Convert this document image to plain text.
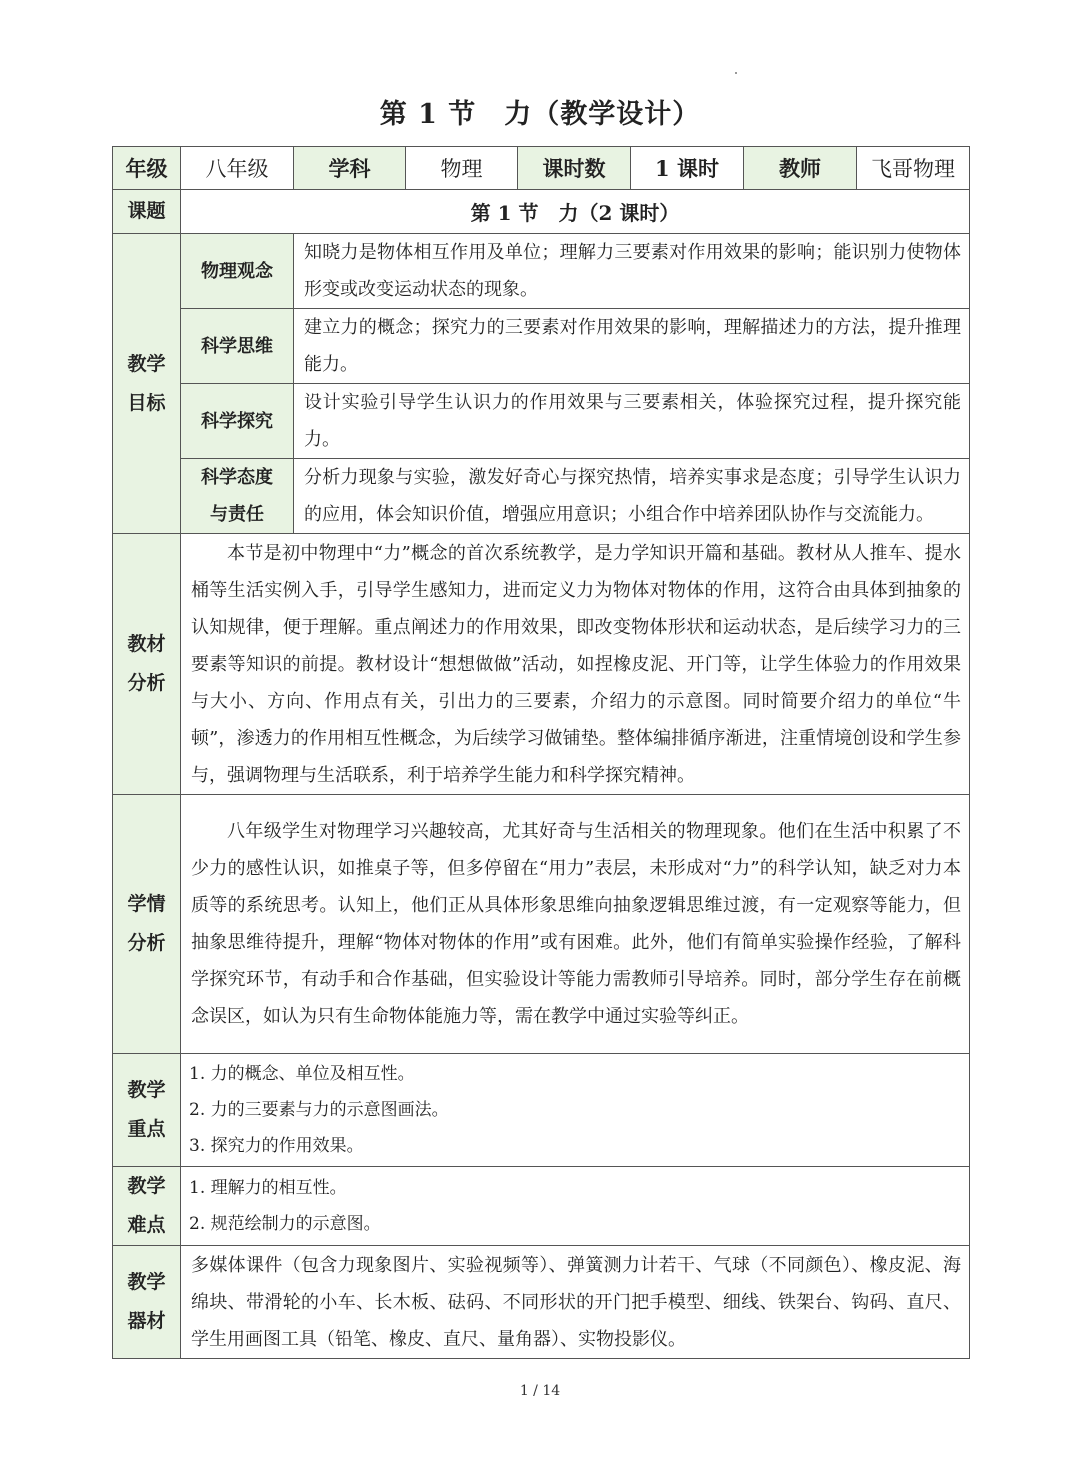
第 1 节　力（教学设计）
年级	八年级	学科	物理	课时数	1 课时	教师	飞哥物理
课题	第 1 节　力（2 课时）						

教学目标	物理观念	知晓力是物体相互作用及单位；理解力三要素对作用效果的影响；能识别力使物体形变或改变运动状态的现象。					
	科学思维	建立力的概念；探究力的三要素对作用效果的影响，理解描述力的方法，提升推理能力。					
	科学探究	设计实验引导学生认识力的作用效果与三要素相关，体验探究过程，提升探究能力。					

	科学态度与责任	分析力现象与实验，激发好奇心与探究热情，培养实事求是态度；引导学生认识力的应用，体会知识价值，增强应用意识；小组合作中培养团队协作与交流能力。					

教材分析	本节是初中物理中“力”概念的首次系统教学，是力学知识开篇和基础。教材从人推车、提水桶等生活实例入手，引导学生感知力，进而定义力为物体对物体的作用，这符合由具体到抽象的认知规律，便于理解。重点阐述力的作用效果，即改变物体形状和运动状态，是后续学习力的三要素等知识的前提。教材设计“想想做做”活动，如捏橡皮泥、开门等，让学生体验力的作用效果与大小、方向、作用点有关，引出力的三要素，介绍力的示意图。同时简要介绍力的单位“牛顿”，渗透力的作用相互性概念，为后续学习做铺垫。整体编排循序渐进，注重情境创设和学生参与，强调物理与生活联系，利于培养学生能力和科学探究精神。						

学情分析	八年级学生对物理学习兴趣较高，尤其好奇与生活相关的物理现象。他们在生活中积累了不少力的感性认识，如推桌子等，但多停留在“用力”表层，未形成对“力”的科学认知，缺乏对力本质等的系统思考。认知上，他们正从具体形象思维向抽象逻辑思维过渡，有一定观察等能力，但抽象思维待提升，理解“物体对物体的作用”或有困难。此外，他们有简单实验操作经验，了解科学探究环节，有动手和合作基础，但实验设计等能力需教师引导培养。同时，部分学生存在前概念误区，如认为只有生命物体能施力等，需在教学中通过实验等纠正。						

教学重点	1. 力的概念、单位及相互性。
2. 力的三要素与力的示意图画法。
3. 探究力的作用效果。						

教学难点	1. 理解力的相互性。
2. 规范绘制力的示意图。						

教学器材	多媒体课件（包含力现象图片、实验视频等）、弹簧测力计若干、气球（不同颜色）、橡皮泥、海绵块、带滑轮的小车、长木板、砝码、不同形状的开门把手模型、细线、铁架台、钩码、直尺、学生用画图工具（铅笔、橡皮、直尺、量角器）、实物投影仪。						
1 / 14
